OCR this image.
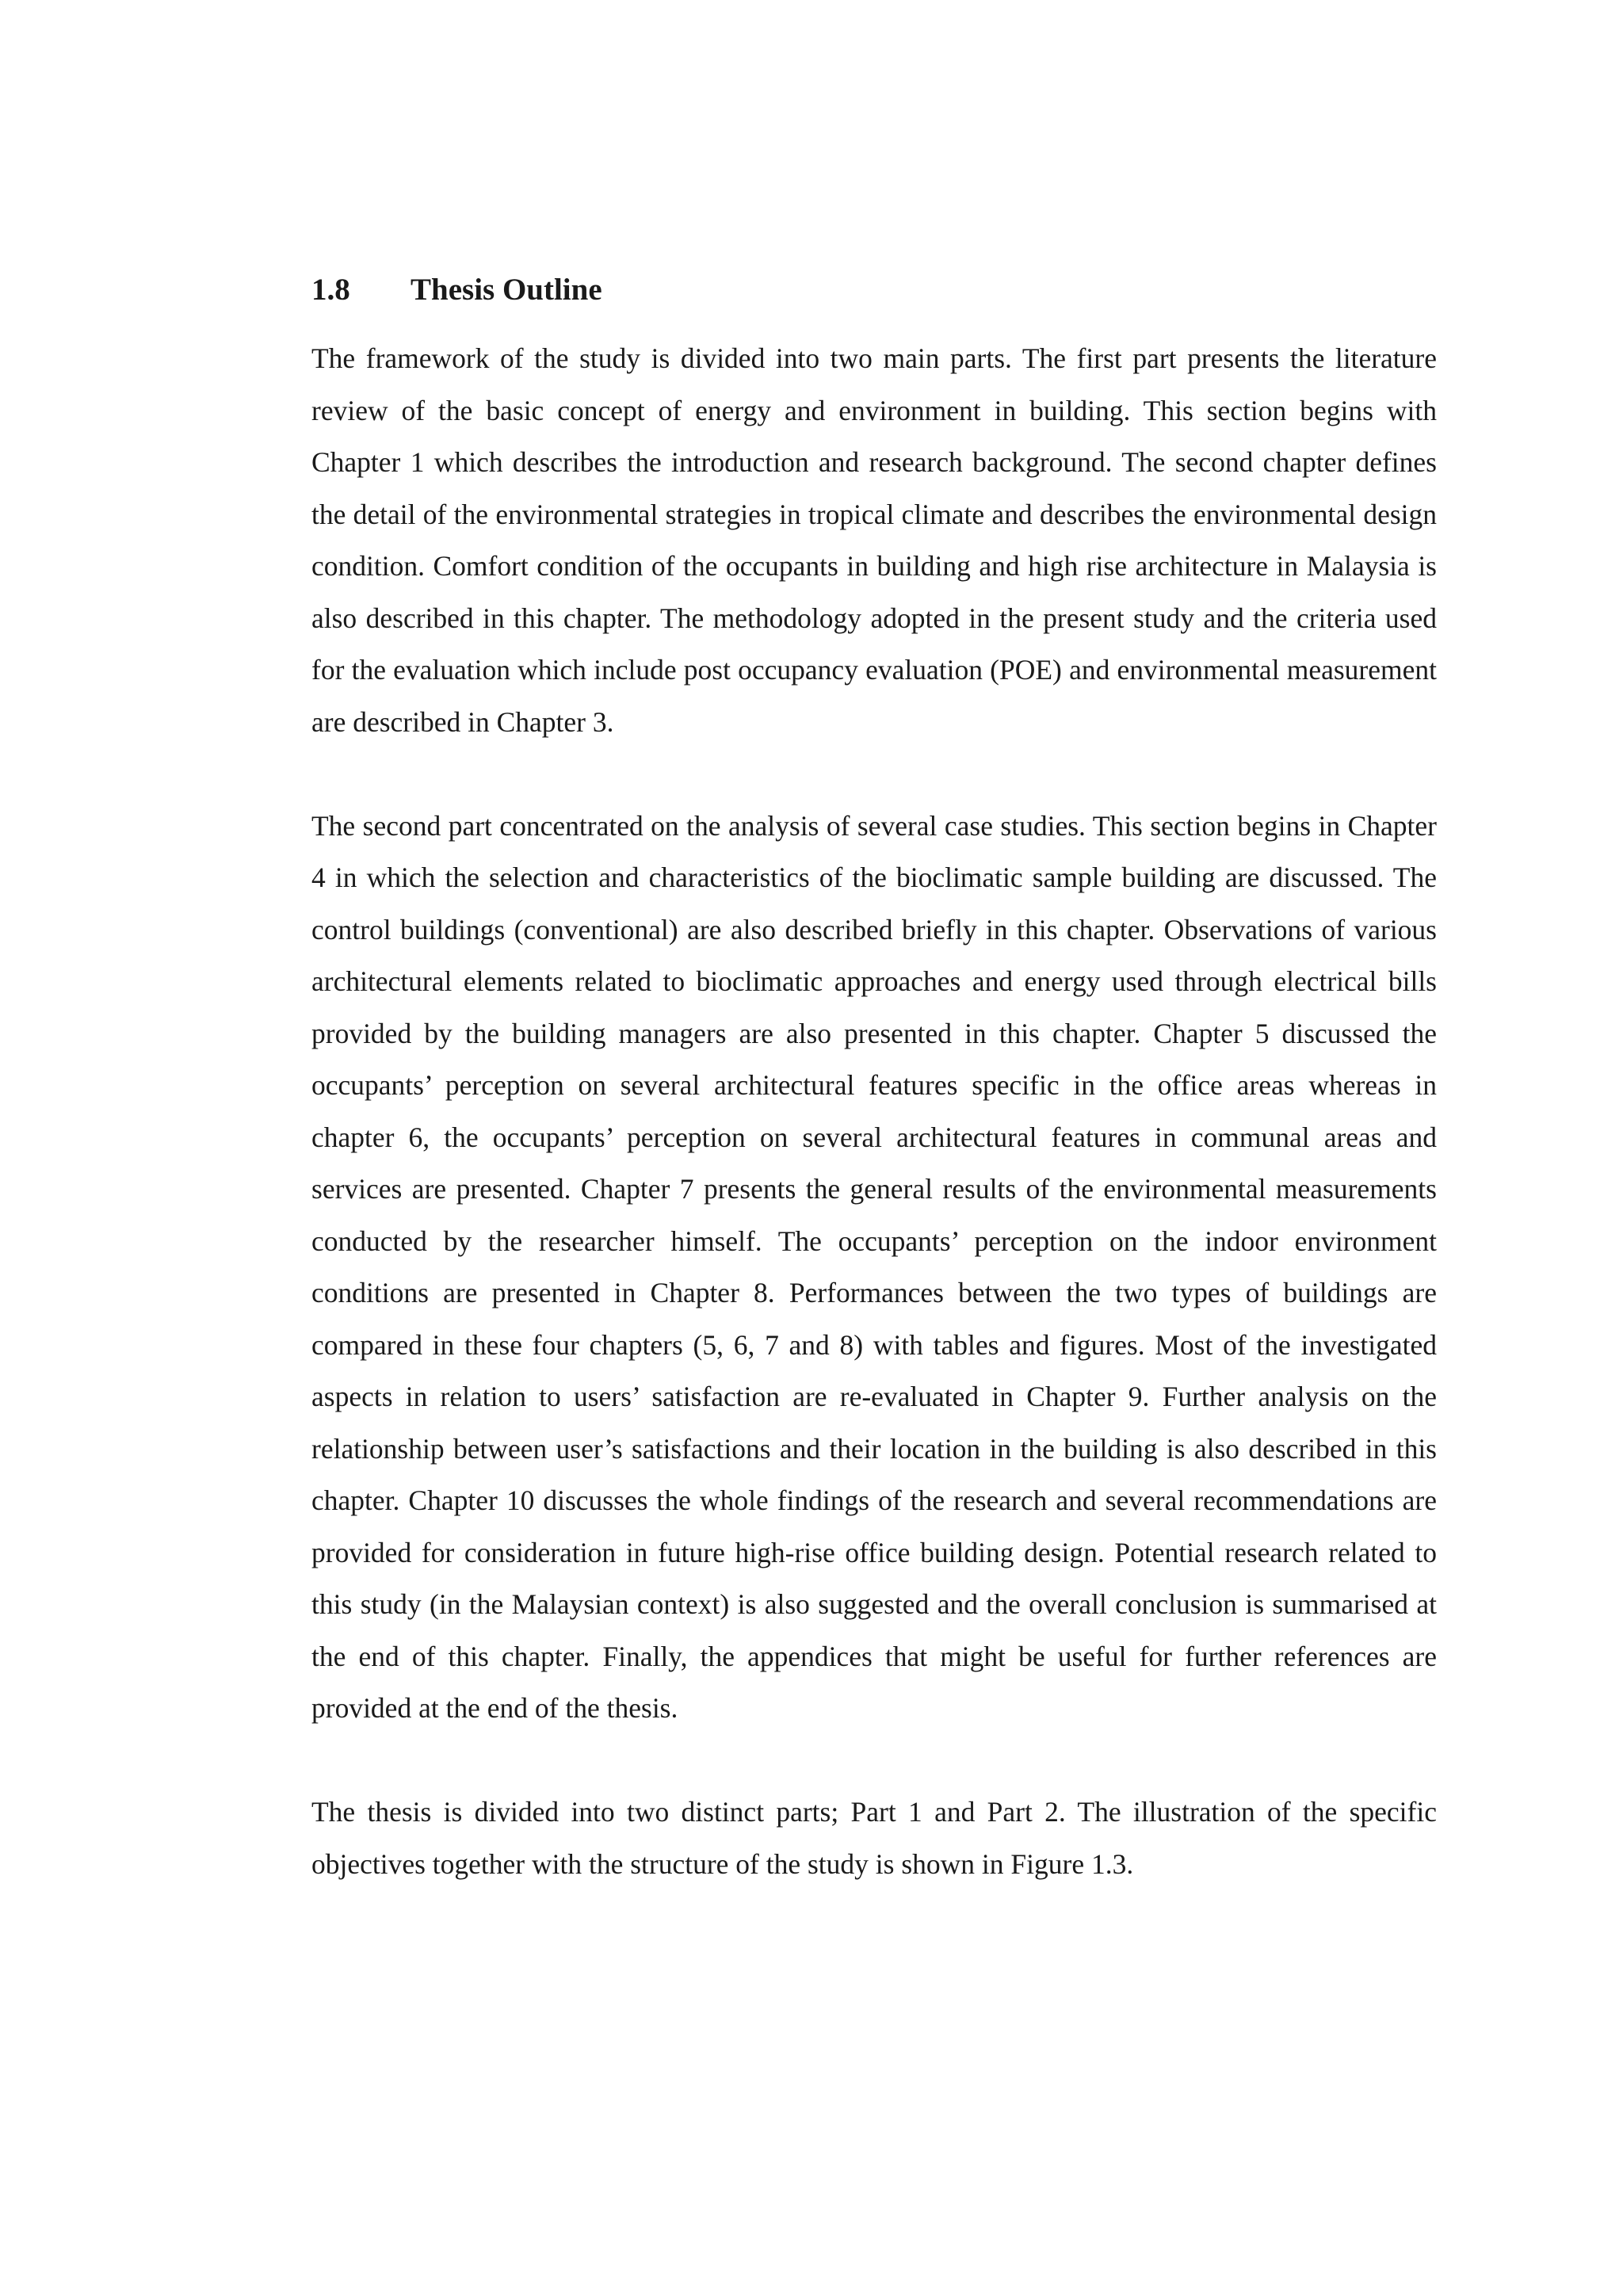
1.8	Thesis Outline

The framework of the study is divided into two main parts. The first part presents the literature review of the basic concept of energy and environment in building. This section begins with Chapter 1 which describes the introduction and research background. The second chapter defines the detail of the environmental strategies in tropical climate and describes the environmental design condition. Comfort condition of the occupants in building and high rise architecture in Malaysia is also described in this chapter. The methodology adopted in the present study and the criteria used for the evaluation which include post occupancy evaluation (POE) and environmental measurement are described in Chapter 3.

The second part concentrated on the analysis of several case studies. This section begins in Chapter 4 in which the selection and characteristics of the bioclimatic sample building are discussed. The control buildings (conventional) are also described briefly in this chapter. Observations of various architectural elements related to bioclimatic approaches and energy used through electrical bills provided by the building managers are also presented in this chapter. Chapter 5 discussed the occupants’ perception on several architectural features specific in the office areas whereas in chapter 6, the occupants’ perception on several architectural features in communal areas and services are presented. Chapter 7 presents the general results of the environmental measurements conducted by the researcher himself. The occupants’ perception on the indoor environment conditions are presented in Chapter 8. Performances between the two types of buildings are compared in these four chapters (5, 6, 7 and 8) with tables and figures. Most of the investigated aspects in relation to users’ satisfaction are re-evaluated in Chapter 9. Further analysis on the relationship between user’s satisfactions and their location in the building is also described in this chapter. Chapter 10 discusses the whole findings of the research and several recommendations are provided for consideration in future high-rise office building design. Potential research related to this study (in the Malaysian context) is also suggested and the overall conclusion is summarised at the end of this chapter. Finally, the appendices that might be useful for further references are provided at the end of the thesis.

The thesis is divided into two distinct parts; Part 1 and Part 2. The illustration of the specific objectives together with the structure of the study is shown in Figure 1.3.
